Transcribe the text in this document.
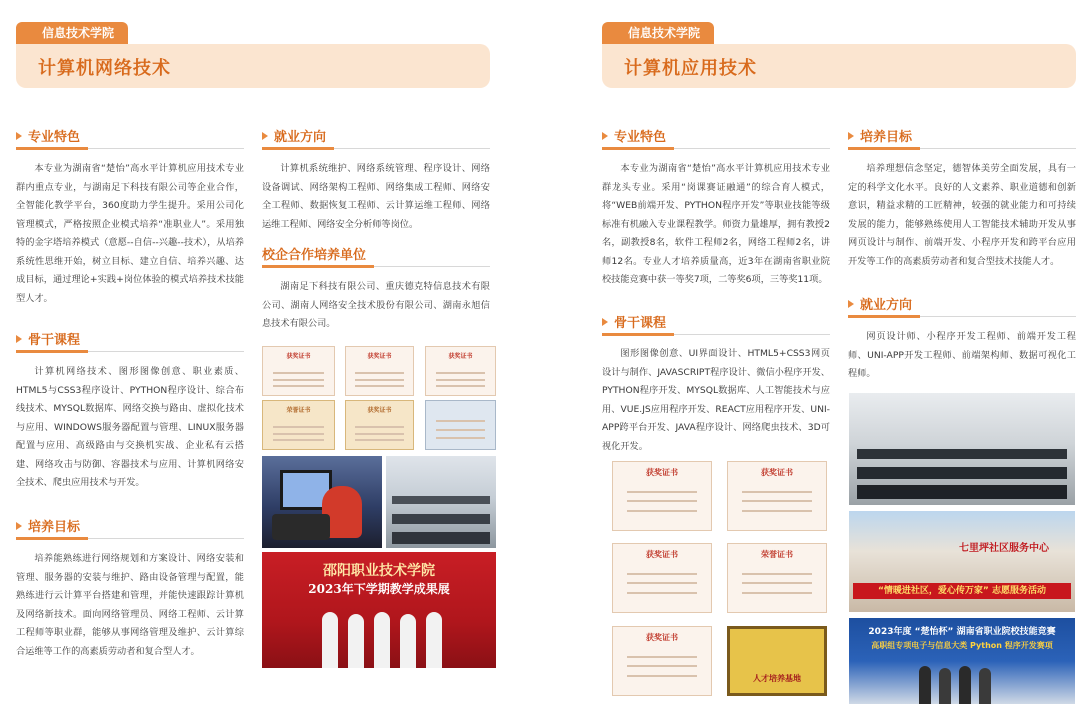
信息技术学院
计算机网络技术
专业特色
本专业为湖南省“楚怡”高水平计算机应用技术专业群内重点专业，与湖南足下科技有限公司等企业合作，全智能化教学平台，360度助力学生提升。采用公司化管理模式，严格按照企业模式培养“准职业人”。采用独特的金字塔培养模式（意愿--自信--兴趣--技术），从培养系统性思维开始，树立目标、建立自信、培养兴趣、达成目标，通过理论+实践+岗位体验的模式培养技术技能型人才。
骨干课程
计算机网络技术、图形图像创意、职业素质、HTML5与CSS3程序设计、PYTHON程序设计、综合布线技术、MYSQL数据库、网络交换与路由、虚拟化技术与应用、WINDOWS服务器配置与管理、LINUX服务器配置与应用、高级路由与交换机实战、企业私有云搭建、网络攻击与防御、容器技术与应用、计算机网络安全技术、爬虫应用技术与开发。
培养目标
培养能熟练进行网络规划和方案设计、网络安装和管理、服务器的安装与维护、路由设备管理与配置，能熟练进行云计算平台搭建和管理，并能快速跟踪计算机及网络新技术。面向网络管理员、网络工程师、云计算工程师等职业群，能够从事网络管理及维护、云计算综合运维等工作的高素质劳动者和复合型人才。
就业方向
计算机系统维护、网络系统管理、程序设计、网络设备调试、网络架构工程师、网络集成工程师、网络安全工程师、数据恢复工程师、云计算运维工程师、网络运维工程师、网络安全分析师等岗位。
校企合作培养单位
湖南足下科技有限公司、重庆德克特信息技术有限公司、湖南人网络安全技术股份有限公司、湖南永旭信息技术有限公司。
获奖证书	获奖证书	获奖证书
荣誉证书	获奖证书
邵阳职业技术学院
2023年下学期教学成果展
信息技术学院
计算机应用技术
专业特色
本专业为湖南省“楚怡”高水平计算机应用技术专业群龙头专业。采用“岗课赛证融通”的综合育人模式，将“WEB前端开发、PYTHON程序开发”等职业技能等级标准有机融入专业课程教学。师资力量雄厚，拥有教授2名，副教授8名，软件工程师2名，网络工程师2名，讲师12名。专业人才培养质量高，近3年在湖南省职业院校技能竞赛中获一等奖7项，二等奖6项，三等奖11项。
骨干课程
图形图像创意、UI界面设计、HTML5+CSS3网页设计与制作、JAVASCRIPT程序设计、微信小程序开发、PYTHON程序开发、MYSQL数据库、人工智能技术与应用、VUE.JS应用程序开发、REACT应用程序开发、UNI-APP跨平台开发、JAVA程序设计、网络爬虫技术、3D可视化开发。
获奖证书	获奖证书
获奖证书	荣誉证书
获奖证书
人才培养基地
培养目标
培养理想信念坚定，德智体美劳全面发展，具有一定的科学文化水平。良好的人文素养、职业道德和创新意识，精益求精的工匠精神，较强的就业能力和可持续发展的能力，能够熟练使用人工智能技术辅助开发从事网页设计与制作、前端开发、小程序开发和跨平台应用开发等工作的高素质劳动者和复合型技术技能人才。
就业方向
网页设计师、小程序开发工程师、前端开发工程师、UNI-APP开发工程师、前端架构师、数据可视化工程师。
七里坪社区服务中心
“情暖进社区，爱心传万家” 志愿服务活动
2023年度 “楚怡杯” 湖南省职业院校技能竞赛
高职组专项电子与信息大类 Python 程序开发赛项
